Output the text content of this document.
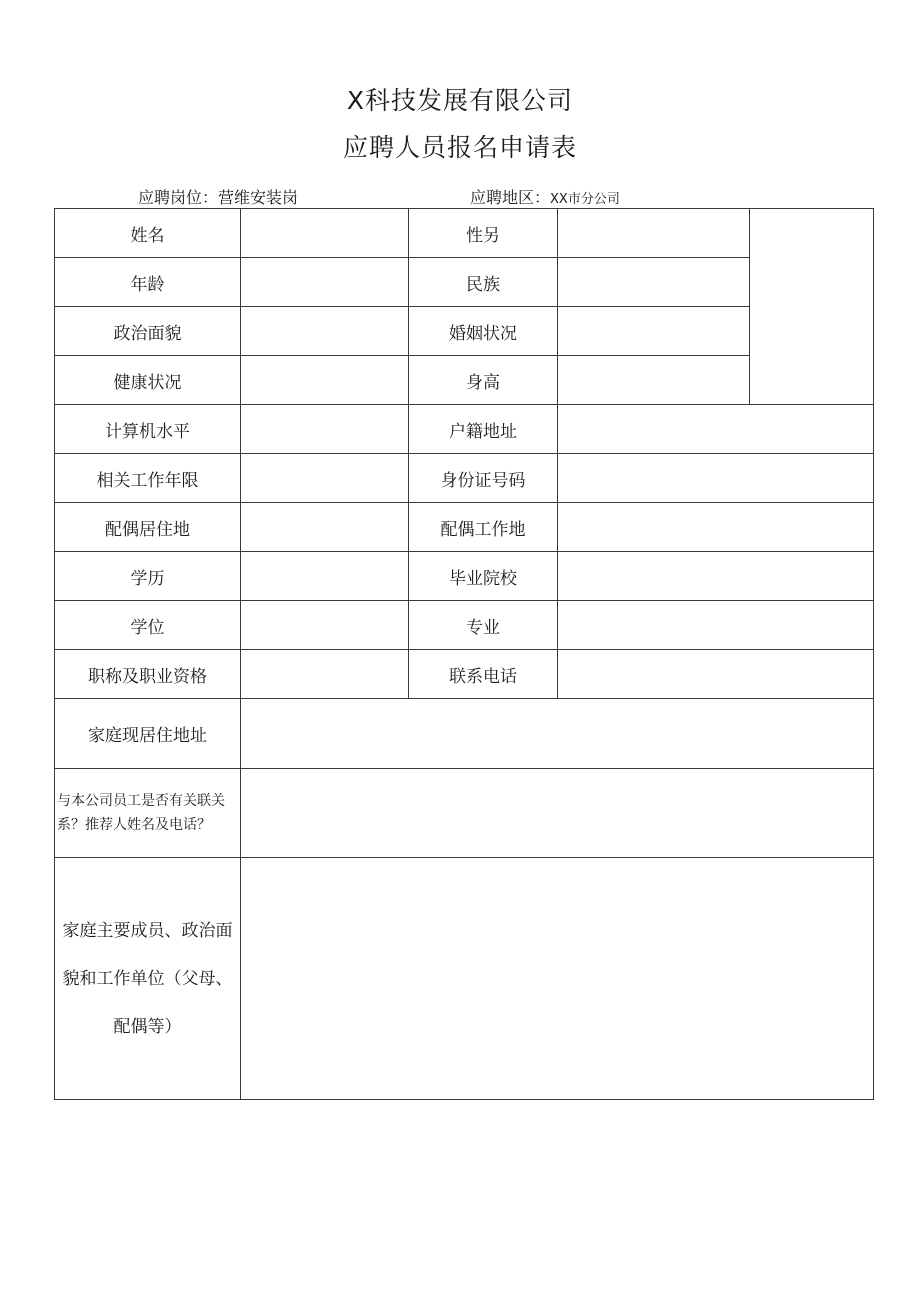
X科技发展有限公司
应聘人员报名申请表
应聘岗位：营维安装岗	应聘地区：XX市分公司
姓名		性另		
年龄		民族		
政治面貌		婚姻状况		
健康状况		身高		
计算机水平		户籍地址		
相关工作年限		身份证号码		
配偶居住地		配偶工作地		
学历		毕业院校		
学位		专业		
职称及职业资格		联系电话		
家庭现居住地址				
与本公司员工是否有关联关系？推荐人姓名及电话？				
家庭主要成员、政治面貌和工作单位（父母、配偶等）				
